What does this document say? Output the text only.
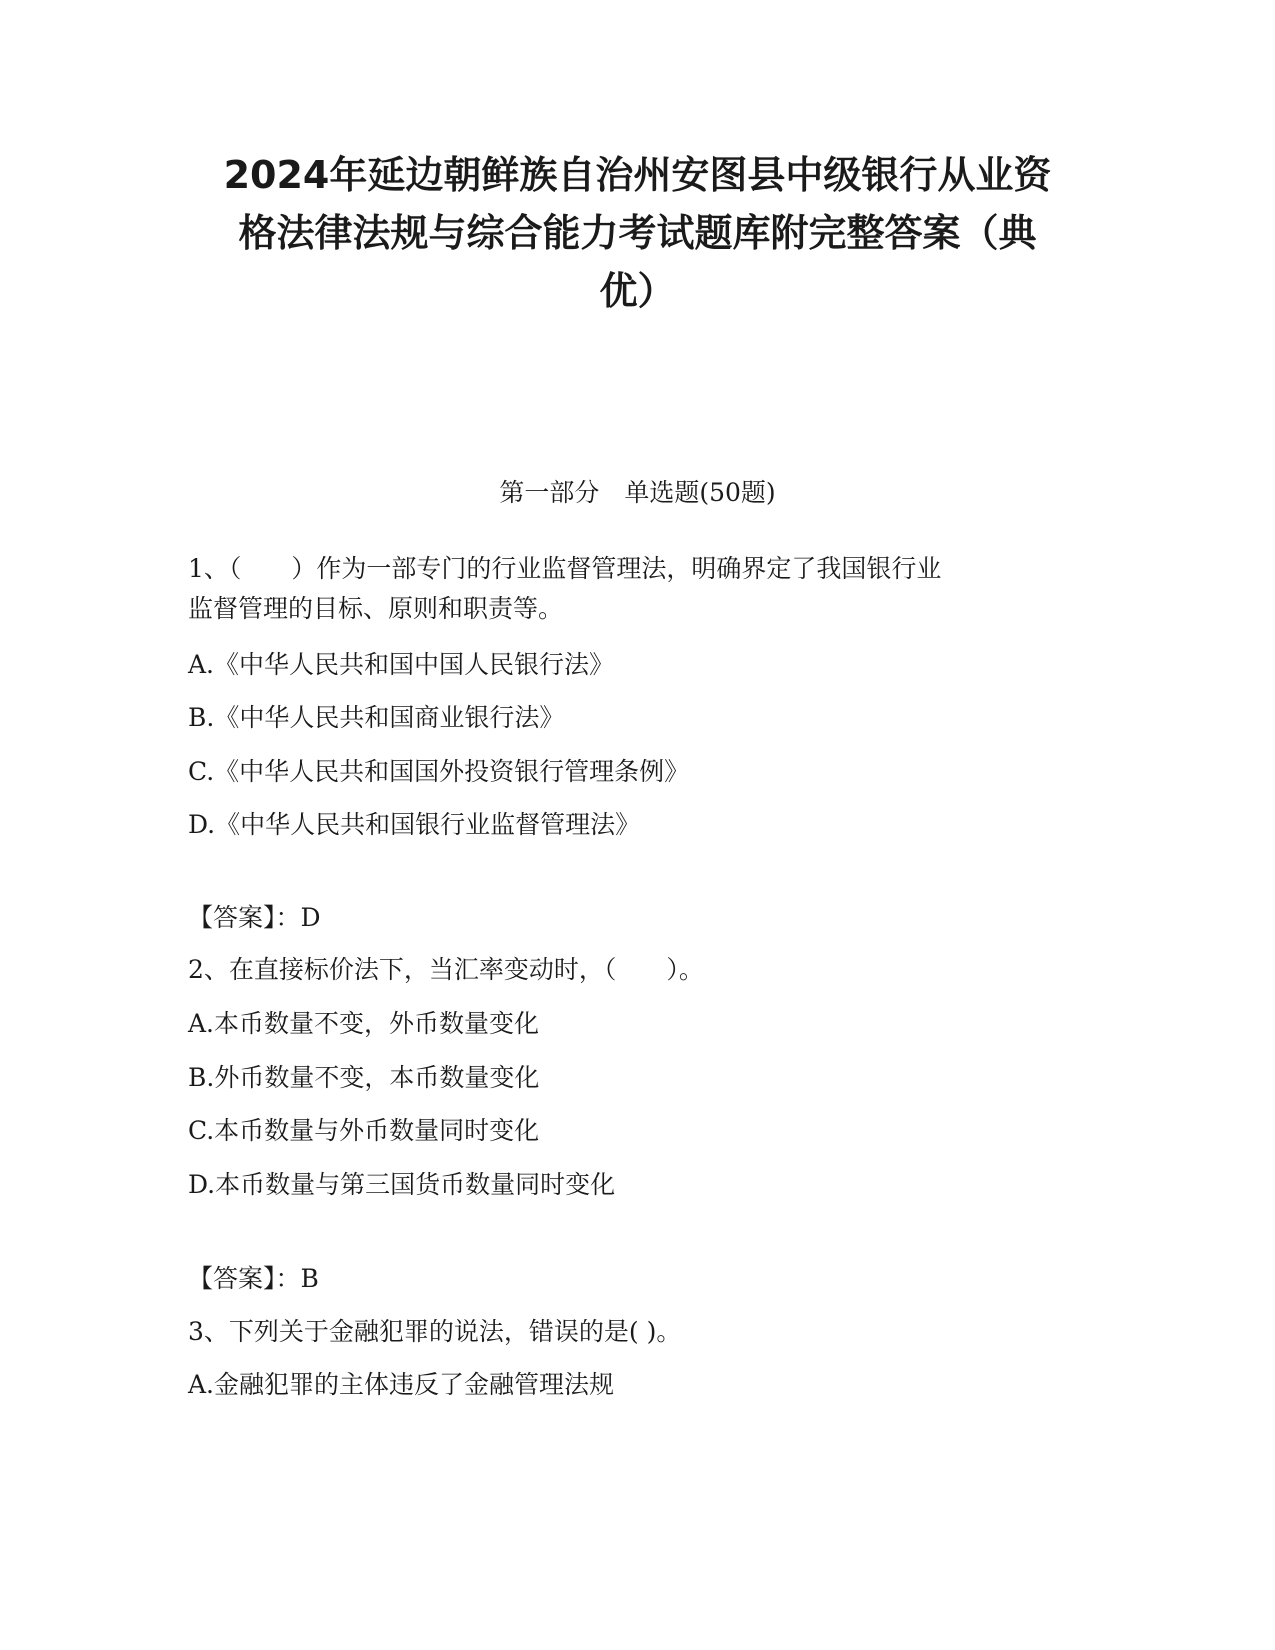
2024年延边朝鲜族自治州安图县中级银行从业资
格法律法规与综合能力考试题库附完整答案（典
优）
第一部分　单选题(50题)
1、（　　）作为一部专门的行业监督管理法，明确界定了我国银行业
监督管理的目标、原则和职责等。
A.《中华人民共和国中国人民银行法》
B.《中华人民共和国商业银行法》
C.《中华人民共和国国外投资银行管理条例》
D.《中华人民共和国银行业监督管理法》
【答案】：D
2、在直接标价法下，当汇率变动时，（　　）。
A.本币数量不变，外币数量变化
B.外币数量不变，本币数量变化
C.本币数量与外币数量同时变化
D.本币数量与第三国货币数量同时变化
【答案】：B
3、下列关于金融犯罪的说法，错误的是( )。
A.金融犯罪的主体违反了金融管理法规
